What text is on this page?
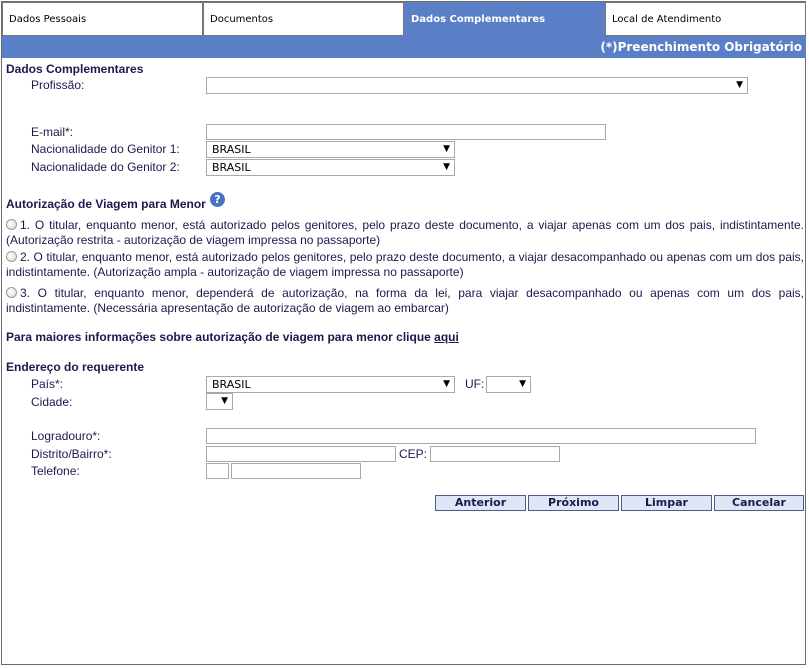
Dados Pessoais	Documentos	Dados Complementares	Local de Atendimento
(*)Preenchimento Obrigatório
Dados Complementares
Profissão:	▼
E-mail*:
Nacionalidade do Genitor 1:	BRASIL	▼
Nacionalidade do Genitor 2:	BRASIL	▼
Autorização de Viagem para Menor ?
1. O titular, enquanto menor, está autorizado pelos genitores, pelo prazo deste documento, a viajar apenas com um dos pais, indistintamente. (Autorização restrita - autorização de viagem impressa no passaporte)
2. O titular, enquanto menor, está autorizado pelos genitores, pelo prazo deste documento, a viajar desacompanhado ou apenas com um dos pais, indistintamente. (Autorização ampla - autorização de viagem impressa no passaporte)
3. O titular, enquanto menor, dependerá de autorização, na forma da lei, para viajar desacompanhado ou apenas com um dos pais, indistintamente. (Necessária apresentação de autorização de viagem ao embarcar)
Para maiores informações sobre autorização de viagem para menor clique aqui
Endereço do requerente
País*:	BRASIL	▼ UF:	▼
Cidade:	▼
Logradouro*:
Distrito/Bairro*:	CEP:
Telefone:
Anterior	Próximo	Limpar	Cancelar
